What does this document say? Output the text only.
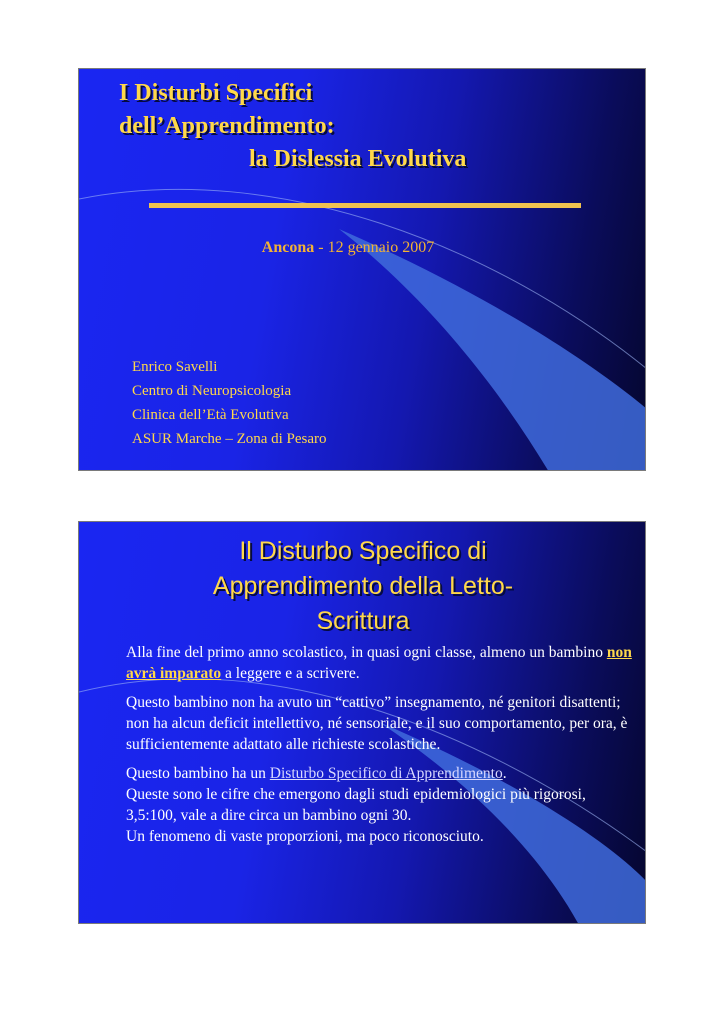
I Disturbi Specifici
dell’Apprendimento:
la Dislessia Evolutiva
Ancona - 12 gennaio 2007
Enrico Savelli
Centro di Neuropsicologia
Clinica dell’Età Evolutiva
ASUR Marche – Zona di Pesaro
Il Disturbo Specifico di
Apprendimento della Letto-
Scrittura

Alla fine del primo anno scolastico, in quasi ogni classe, almeno un bambino non avrà imparato a leggere e a scrivere.

Questo bambino non ha avuto un “cattivo” insegnamento, né genitori disattenti; non ha alcun deficit intellettivo, né sensoriale, e il suo comportamento, per ora, è sufficientemente adattato alle richieste scolastiche.

Questo bambino ha un Disturbo Specifico di Apprendimento.

Queste sono le cifre che emergono dagli studi epidemiologici più rigorosi, 3,5:100, vale a dire circa un bambino ogni 30.

Un fenomeno di vaste proporzioni, ma poco riconosciuto.
